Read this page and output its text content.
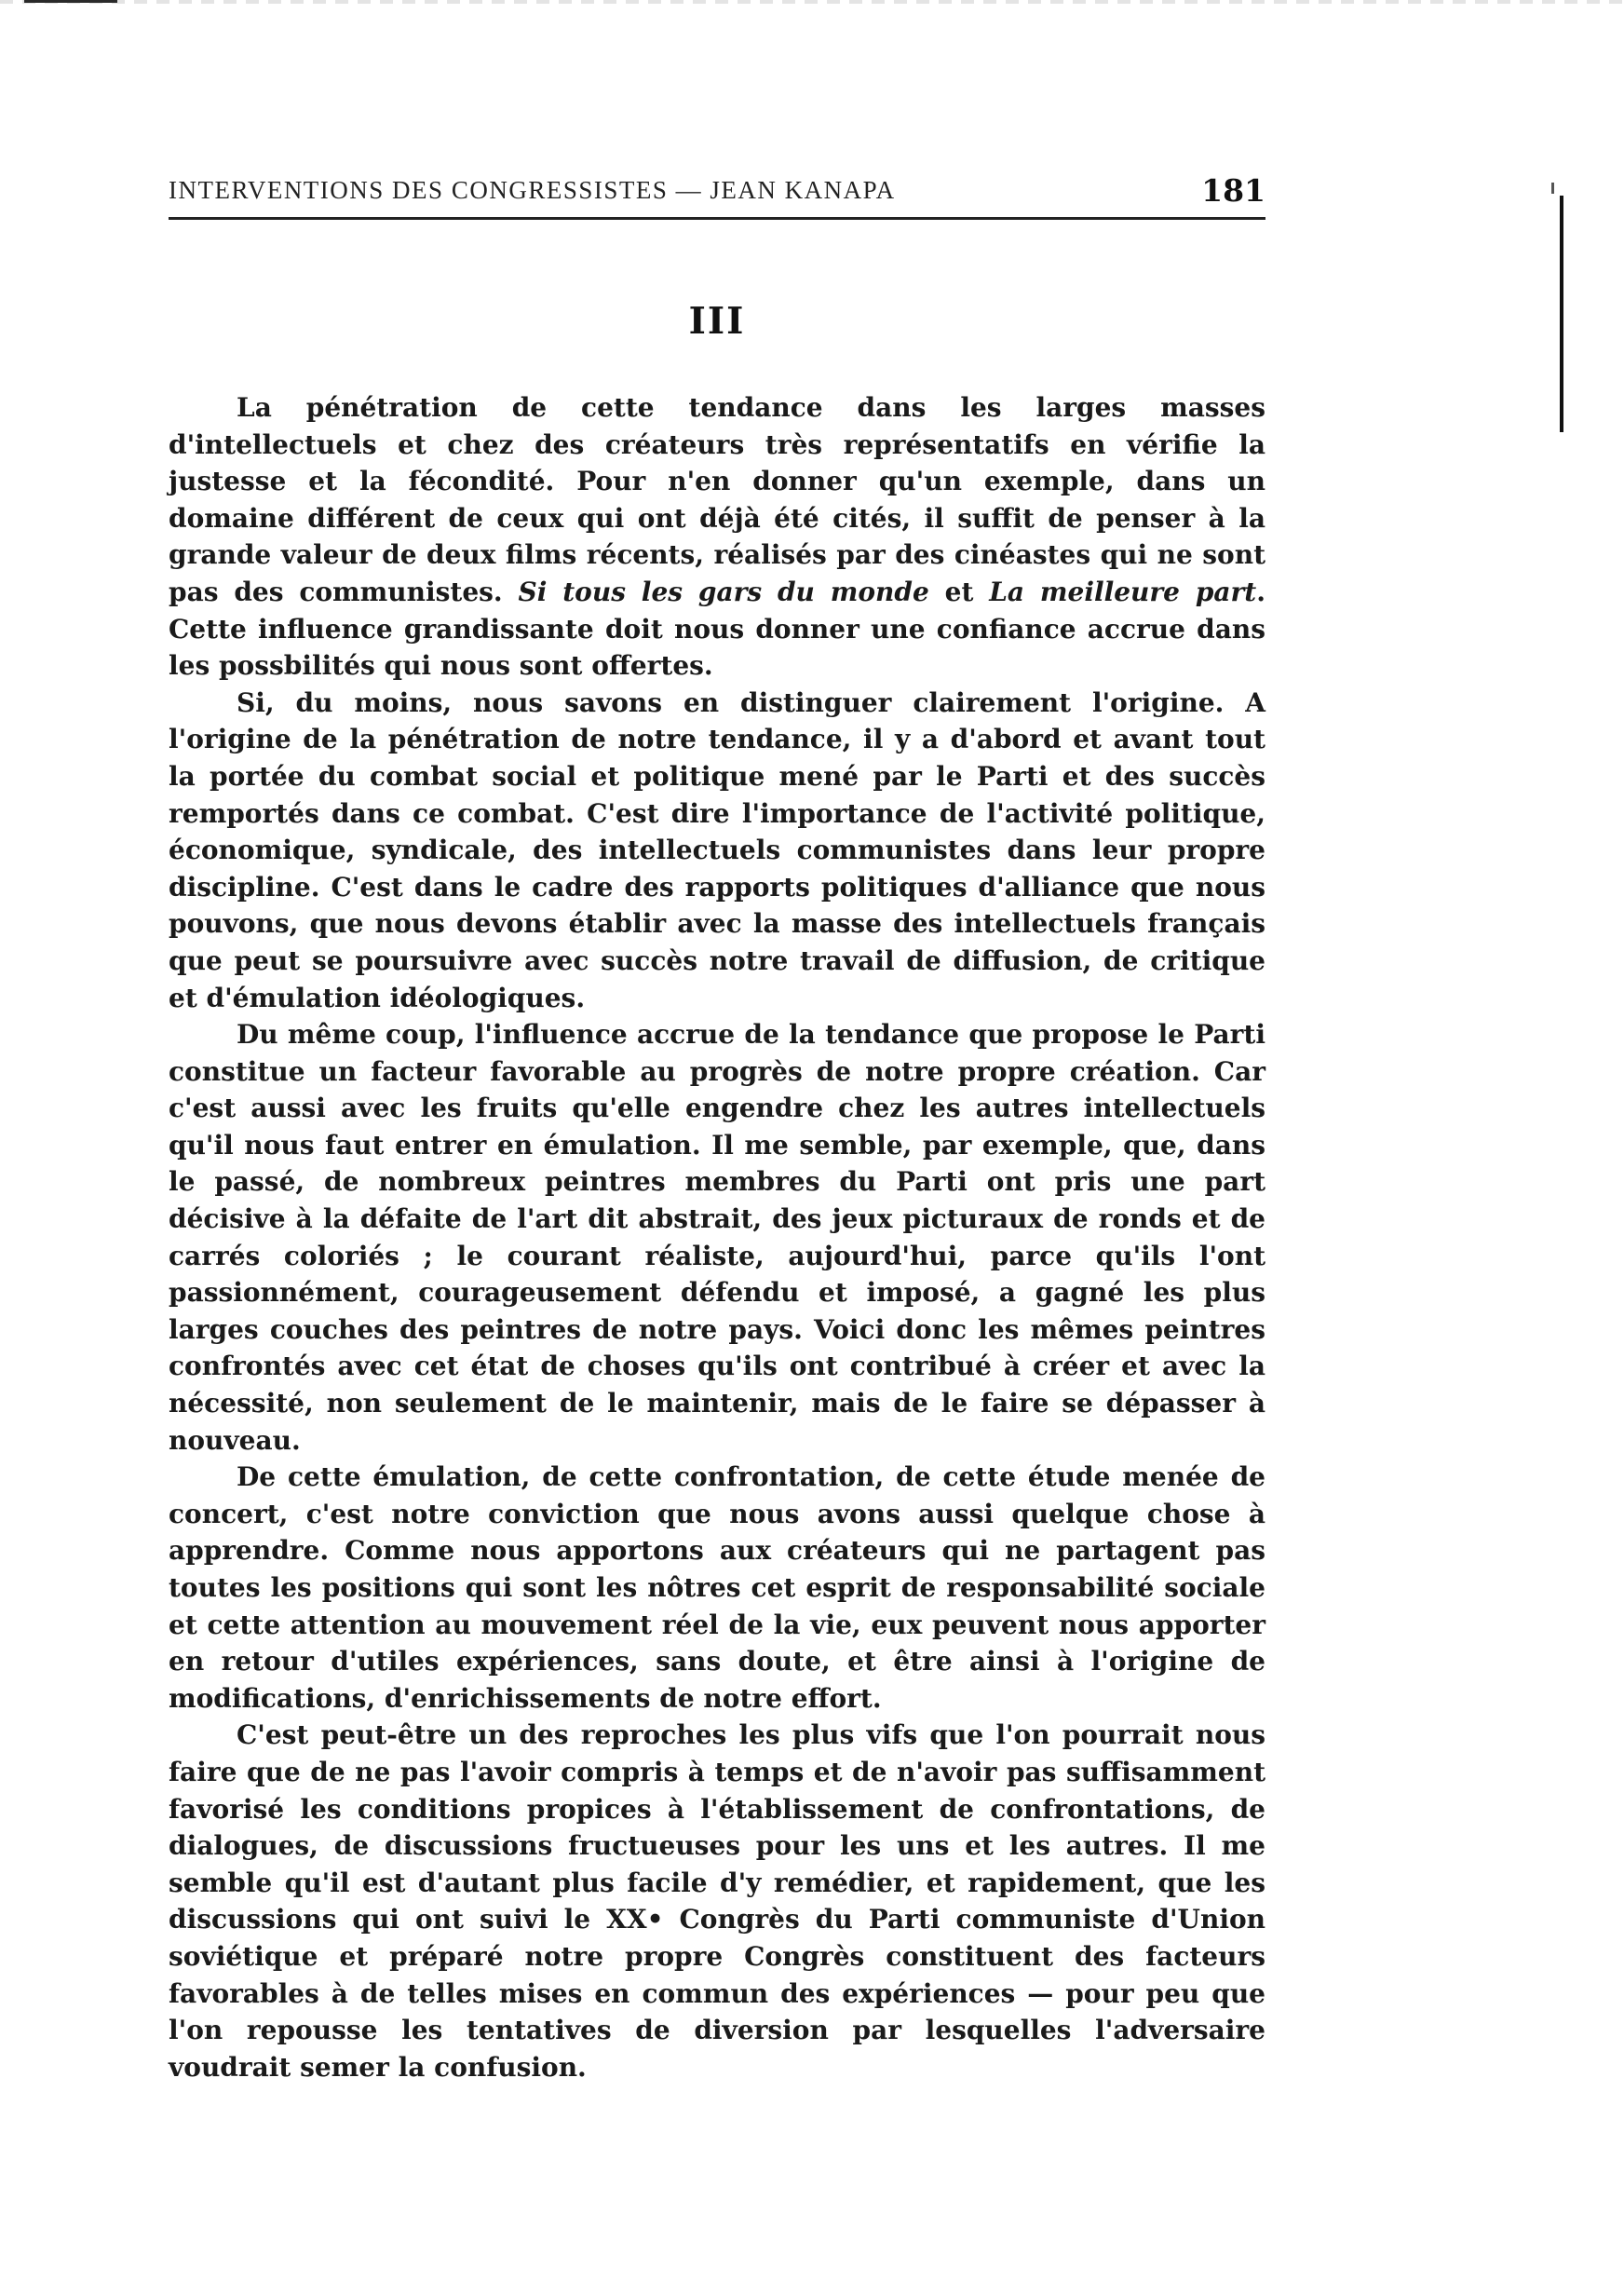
INTERVENTIONS DES CONGRESSISTES — JEAN KANAPA	181
III

La pénétration de cette tendance dans les larges masses d'intellectuels et chez des créateurs très représentatifs en vérifie la justesse et la fécondité. Pour n'en donner qu'un exemple, dans un domaine différent de ceux qui ont déjà été cités, il suffit de penser à la grande valeur de deux films récents, réalisés par des cinéastes qui ne sont pas des communistes. Si tous les gars du monde et La meilleure part. Cette influence grandissante doit nous donner une confiance accrue dans les possbilités qui nous sont offertes.

Si, du moins, nous savons en distinguer clairement l'origine. A l'origine de la pénétration de notre tendance, il y a d'abord et avant tout la portée du combat social et politique mené par le Parti et des succès remportés dans ce combat. C'est dire l'importance de l'activité politique, économique, syndicale, des intellectuels communistes dans leur propre discipline. C'est dans le cadre des rapports politiques d'alliance que nous pouvons, que nous devons établir avec la masse des intellectuels français que peut se poursuivre avec succès notre travail de diffusion, de critique et d'émulation idéologiques.

Du même coup, l'influence accrue de la tendance que propose le Parti constitue un facteur favorable au progrès de notre propre création. Car c'est aussi avec les fruits qu'elle engendre chez les autres intellectuels qu'il nous faut entrer en émulation. Il me semble, par exemple, que, dans le passé, de nombreux peintres membres du Parti ont pris une part décisive à la défaite de l'art dit abstrait, des jeux picturaux de ronds et de carrés coloriés ; le courant réaliste, aujourd'hui, parce qu'ils l'ont passionnément, courageusement défendu et imposé, a gagné les plus larges couches des peintres de notre pays. Voici donc les mêmes peintres confrontés avec cet état de choses qu'ils ont contribué à créer et avec la nécessité, non seulement de le maintenir, mais de le faire se dépasser à nouveau.

De cette émulation, de cette confrontation, de cette étude menée de concert, c'est notre conviction que nous avons aussi quelque chose à apprendre. Comme nous apportons aux créateurs qui ne partagent pas toutes les positions qui sont les nôtres cet esprit de responsabilité sociale et cette attention au mouvement réel de la vie, eux peuvent nous apporter en retour d'utiles expériences, sans doute, et être ainsi à l'origine de modifications, d'enrichissements de notre effort.

C'est peut-être un des reproches les plus vifs que l'on pourrait nous faire que de ne pas l'avoir compris à temps et de n'avoir pas suffisamment favorisé les conditions propices à l'établissement de confrontations, de dialogues, de discussions fructueuses pour les uns et les autres. Il me semble qu'il est d'autant plus facile d'y remédier, et rapidement, que les discussions qui ont suivi le XX• Congrès du Parti communiste d'Union soviétique et préparé notre propre Congrès constituent des facteurs favorables à de telles mises en commun des expériences — pour peu que l'on repousse les tentatives de diversion par lesquelles l'adversaire voudrait semer la confusion.
